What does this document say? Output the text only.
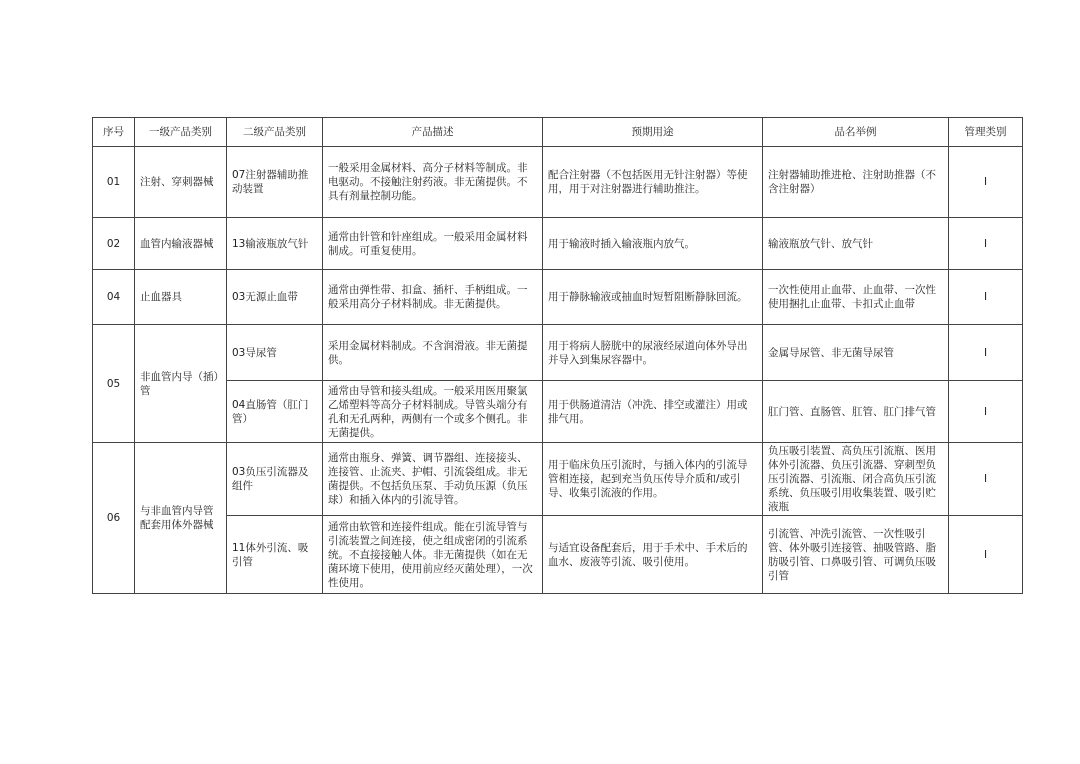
序号	一级产品类别	二级产品类别	产品描述	预期用途	品名举例	管理类别
01	注射、穿刺器械	07注射器辅助推动装置	一般采用金属材料、高分子材料等制成。非电驱动。不接触注射药液。非无菌提供。不具有剂量控制功能。	配合注射器（不包括医用无针注射器）等使用，用于对注射器进行辅助推注。	注射器辅助推进枪、注射助推器（不含注射器）	Ⅰ
02	血管内输液器械	13输液瓶放气针	通常由针管和针座组成。一般采用金属材料制成。可重复使用。	用于输液时插入输液瓶内放气。	输液瓶放气针、放气针	Ⅰ
04	止血器具	03无源止血带	通常由弹性带、扣盒、插杆、手柄组成。一般采用高分子材料制成。非无菌提供。	用于静脉输液或抽血时短暂阻断静脉回流。	一次性使用止血带、止血带、一次性使用捆扎止血带、卡扣式止血带	Ⅰ
05	非血管内导（插）管	03导尿管	采用金属材料制成。不含润滑液。非无菌提供。	用于将病人膀胱中的尿液经尿道向体外导出并导入到集尿容器中。	金属导尿管、非无菌导尿管	Ⅰ
		04直肠管（肛门管）	通常由导管和接头组成。一般采用医用聚氯乙烯塑料等高分子材料制成。导管头端分有孔和无孔两种，两侧有一个或多个侧孔。非无菌提供。	用于供肠道清洁（冲洗、排空或灌注）用或排气用。	肛门管、直肠管、肛管、肛门排气管	Ⅰ
06	与非血管内导管配套用体外器械	03负压引流器及组件	通常由瓶身、弹簧、调节器组、连接接头、连接管、止流夹、护帽、引流袋组成。非无菌提供。不包括负压泵、手动负压源（负压球）和插入体内的引流导管。	用于临床负压引流时，与插入体内的引流导管相连接，起到充当负压传导介质和/或引导、收集引流液的作用。	负压吸引装置、高负压引流瓶、医用体外引流器、负压引流器、穿刺型负压引流器、引流瓶、闭合高负压引流系统、负压吸引用收集装置、吸引贮液瓶	Ⅰ
		11体外引流、吸引管	通常由软管和连接件组成。能在引流导管与引流装置之间连接，使之组成密闭的引流系统。不直接接触人体。非无菌提供（如在无菌环境下使用，使用前应经灭菌处理），一次性使用。	与适宜设备配套后，用于手术中、手术后的血水、废液等引流、吸引使用。	引流管、冲洗引流管、一次性吸引管、体外吸引连接管、抽吸管路、脂肪吸引管、口鼻吸引管、可调负压吸引管	Ⅰ
